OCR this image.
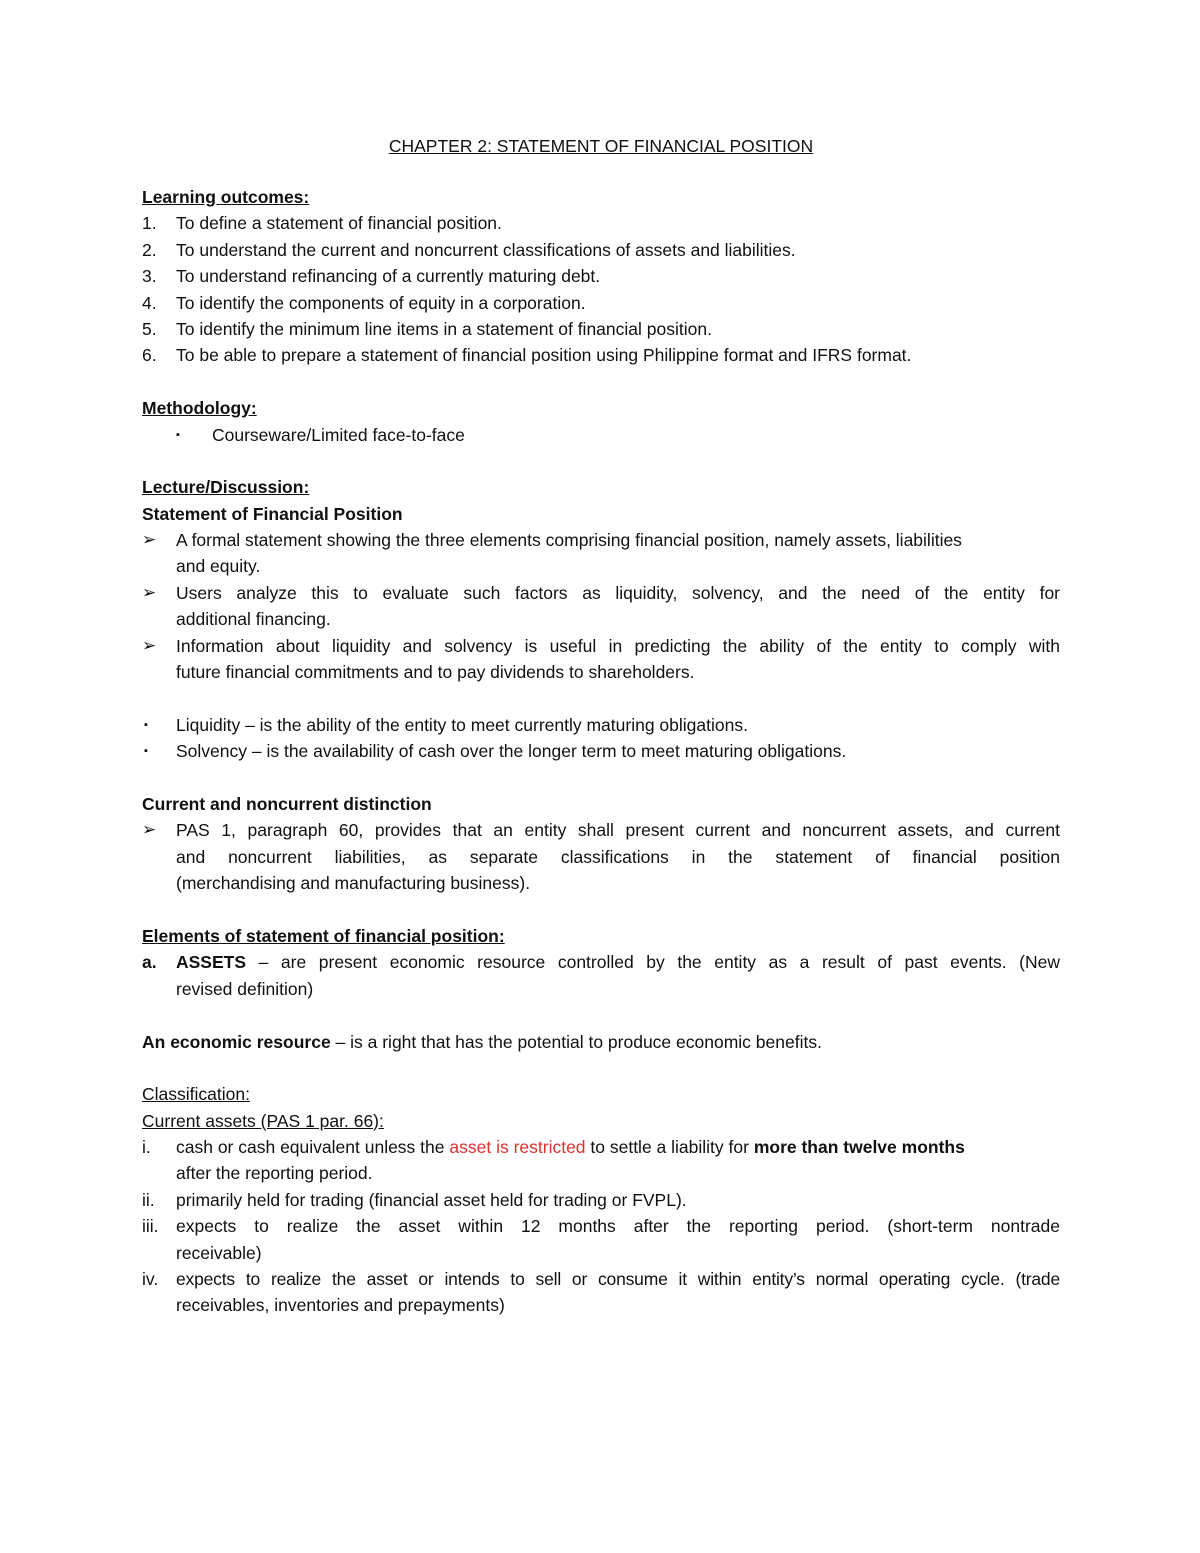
CHAPTER 2: STATEMENT OF FINANCIAL POSITION
Learning outcomes:
1. To define a statement of financial position.
2. To understand the current and noncurrent classifications of assets and liabilities.
3. To understand refinancing of a currently maturing debt.
4. To identify the components of equity in a corporation.
5. To identify the minimum line items in a statement of financial position.
6. To be able to prepare a statement of financial position using Philippine format and IFRS format.
Methodology:
▪ Courseware/Limited face-to-face
Lecture/Discussion:
Statement of Financial Position
➢ A formal statement showing the three elements comprising financial position, namely assets, liabilities
and equity.
➢	Users analyze this to evaluate such factors as liquidity, solvency, and the need of the entity for
additional financing.
➢	Information about liquidity and solvency is useful in predicting the ability of the entity to comply with
future financial commitments and to pay dividends to shareholders.
▪ Liquidity – is the ability of the entity to meet currently maturing obligations.
▪ Solvency – is the availability of cash over the longer term to meet maturing obligations.
Current and noncurrent distinction
➢	PAS 1, paragraph 60, provides that an entity shall present current and noncurrent assets, and current
and noncurrent liabilities, as separate classifications in the statement of financial position
(merchandising and manufacturing business).
Elements of statement of financial position:
a.	ASSETS – are present economic resource controlled by the entity as a result of past events. (New
revised definition)
An economic resource – is a right that has the potential to produce economic benefits.
Classification:
Current assets (PAS 1 par. 66):
i. cash or cash equivalent unless the asset is restricted to settle a liability for more than twelve months
after the reporting period.
ii. primarily held for trading (financial asset held for trading or FVPL).
iii. expects to realize the asset within 12 months after the reporting period. (short-term nontrade
receivable)
iv.	expects to realize the asset or intends to sell or consume it within entity’s normal operating cycle. (trade
receivables, inventories and prepayments)
